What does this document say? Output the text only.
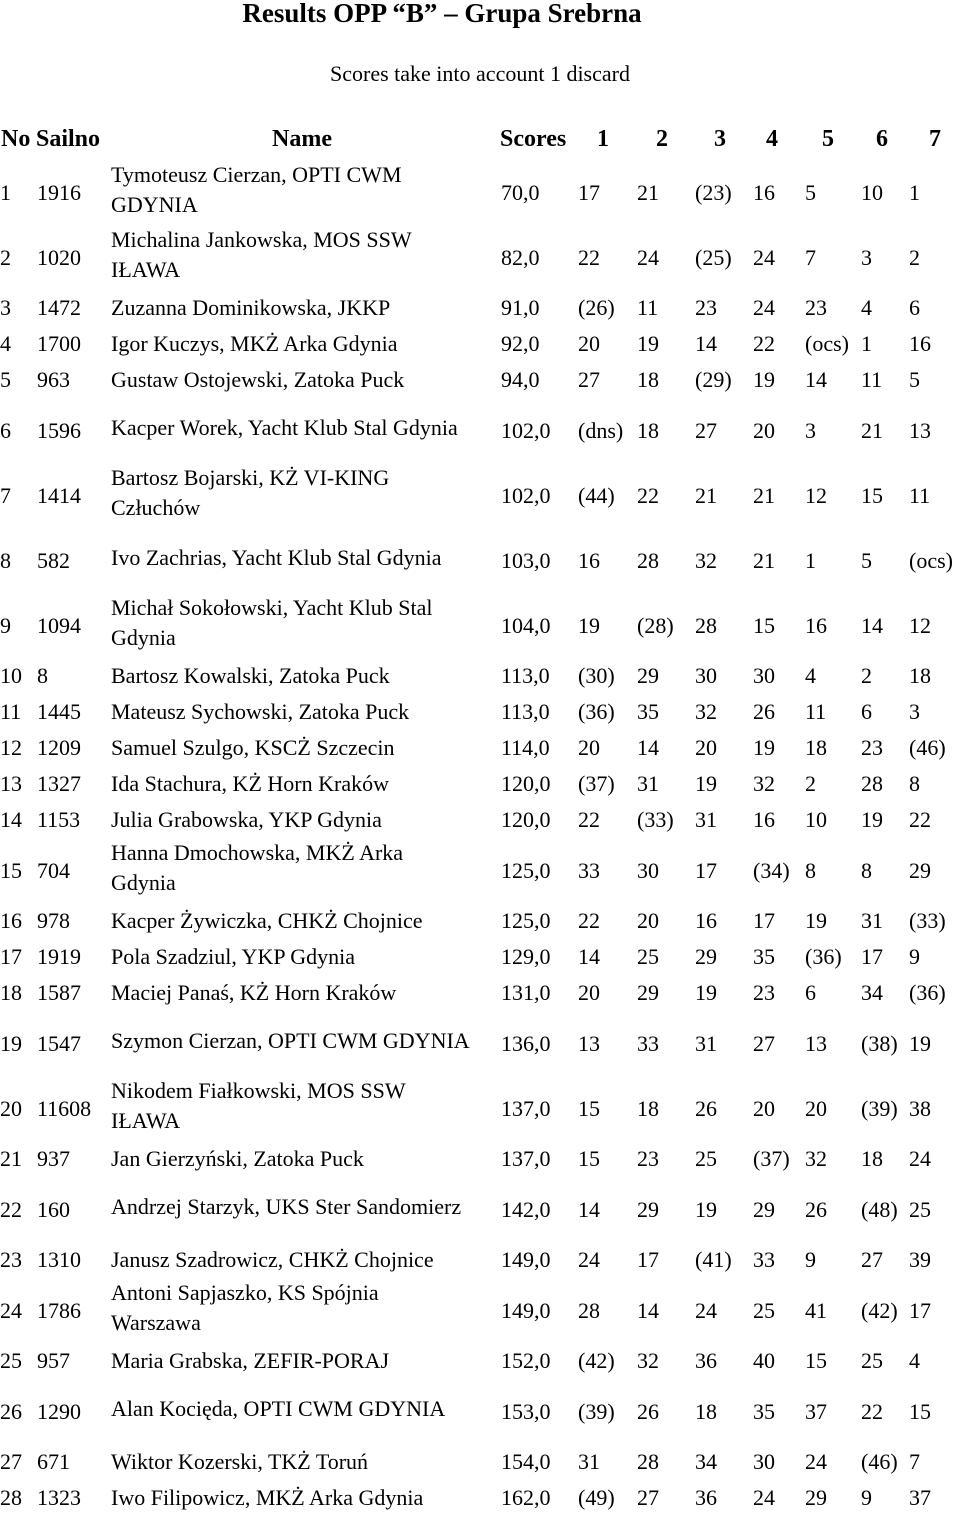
Results OPP “B” – Grupa Srebrna
Scores take into account 1 discard
No Sailno	Name	Scores 1 2 3 4 5 6 7
1	1916	Tymoteusz Cierzan, OPTI CWM GDYNIA	70,0	17	21	(23)	16	5	10	1
2	1020	Michalina Jankowska, MOS SSW IŁAWA	82,0	22	24	(25)	24	7	3	2
3	1472	Zuzanna Dominikowska, JKKP	91,0	(26)	11	23	24	23	4	6
4	1700	Igor Kuczys, MKŻ Arka Gdynia	92,0	20	19	14	22	(ocs)	1	16
5	963	Gustaw Ostojewski, Zatoka Puck	94,0	27	18	(29)	19	14	11	5
6	1596	Kacper Worek, Yacht Klub Stal Gdynia	102,0	(dns)	18	27	20	3	21	13
7	1414	Bartosz Bojarski, KŻ VI-KING Człuchów	102,0	(44)	22	21	21	12	15	11
8	582	Ivo Zachrias, Yacht Klub Stal Gdynia	103,0	16	28	32	21	1	5	(ocs)
9	1094	Michał Sokołowski, Yacht Klub Stal Gdynia	104,0	19	(28)	28	15	16	14	12
10	8	Bartosz Kowalski, Zatoka Puck	113,0	(30)	29	30	30	4	2	18
11	1445	Mateusz Sychowski, Zatoka Puck	113,0	(36)	35	32	26	11	6	3
12	1209	Samuel Szulgo, KSCŻ Szczecin	114,0	20	14	20	19	18	23	(46)
13	1327	Ida Stachura, KŻ Horn Kraków	120,0	(37)	31	19	32	2	28	8
14	1153	Julia Grabowska, YKP Gdynia	120,0	22	(33)	31	16	10	19	22
15	704	Hanna Dmochowska, MKŻ Arka Gdynia	125,0	33	30	17	(34)	8	8	29
16	978	Kacper Żywiczka, CHKŻ Chojnice	125,0	22	20	16	17	19	31	(33)
17	1919	Pola Szadziul, YKP Gdynia	129,0	14	25	29	35	(36)	17	9
18	1587	Maciej Panaś, KŻ Horn Kraków	131,0	20	29	19	23	6	34	(36)
19	1547	Szymon Cierzan, OPTI CWM GDYNIA	136,0	13	33	31	27	13	(38)	19
20	11608	Nikodem Fiałkowski, MOS SSW IŁAWA	137,0	15	18	26	20	20	(39)	38
21	937	Jan Gierzyński, Zatoka Puck	137,0	15	23	25	(37)	32	18	24
22	160	Andrzej Starzyk, UKS Ster Sandomierz	142,0	14	29	19	29	26	(48)	25
23	1310	Janusz Szadrowicz, CHKŻ Chojnice	149,0	24	17	(41)	33	9	27	39
24	1786	Antoni Sapjaszko, KS Spójnia Warszawa	149,0	28	14	24	25	41	(42)	17
25	957	Maria Grabska, ZEFIR-PORAJ	152,0	(42)	32	36	40	15	25	4
26	1290	Alan Kocięda, OPTI CWM GDYNIA	153,0	(39)	26	18	35	37	22	15
27	671	Wiktor Kozerski, TKŻ Toruń	154,0	31	28	34	30	24	(46)	7
28	1323	Iwo Filipowicz, MKŻ Arka Gdynia	162,0	(49)	27	36	24	29	9	37
